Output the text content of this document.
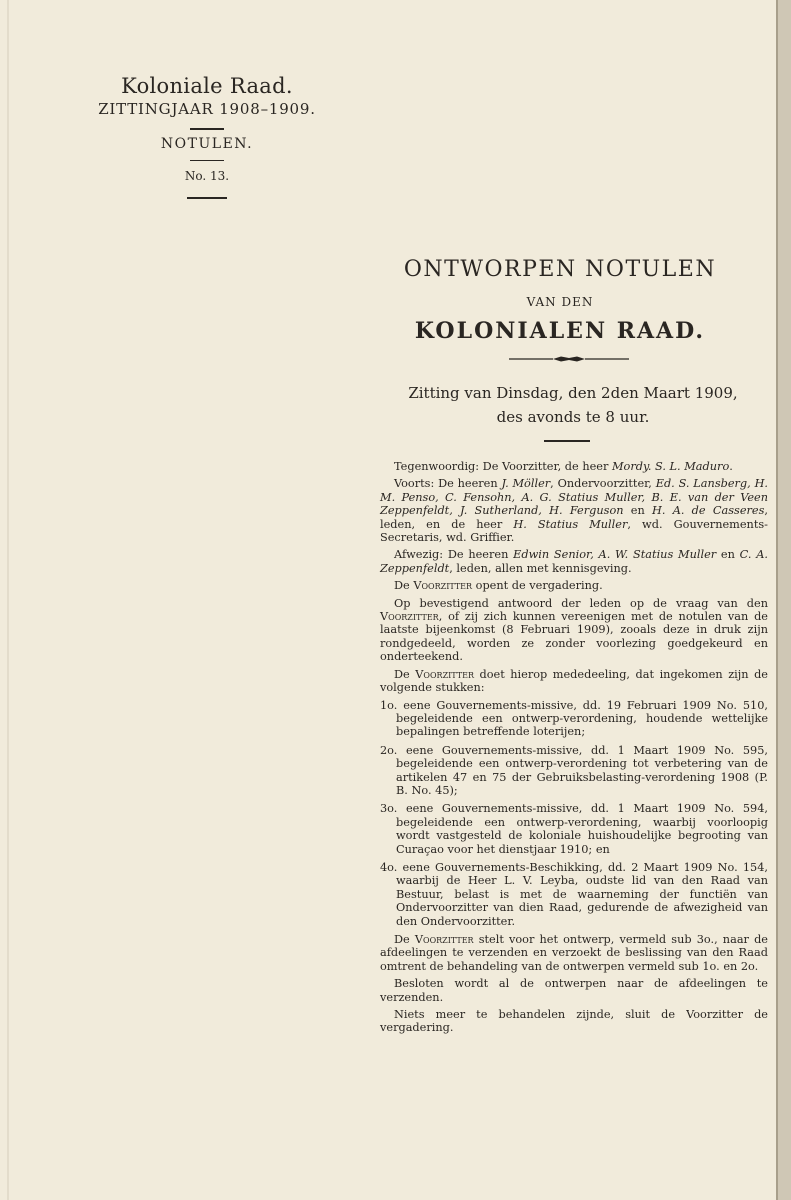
Koloniale Raad.
ZITTINGJAAR 1908–1909.
NOTULEN.
No. 13.
ONTWORPEN NOTULEN
VAN DEN
KOLONIALEN RAAD.
Zitting van Dinsdag, den 2den Maart 1909,
des avonds te 8 uur.

Tegenwoordig: De Voorzitter, de heer Mordy. S. L. Maduro.

Voorts: De heeren J. Möller, Ondervoorzitter, Ed. S. Lansberg, H. M. Penso, C. Fensohn, A. G. Statius Muller, B. E. van der Veen Zeppenfeldt, J. Sutherland, H. Ferguson en H. A. de Casseres, leden, en de heer H. Statius Muller, wd. Gouvernements-Secretaris, wd. Griffier.

Afwezig: De heeren Edwin Senior, A. W. Statius Muller en C. A. Zeppenfeldt, leden, allen met kennisgeving.

De Voorzitter opent de vergadering.

Op bevestigend antwoord der leden op de vraag van den Voorzitter, of zij zich kunnen vereenigen met de notulen van de laatste bijeenkomst (8 Februari 1909), zooals deze in druk zijn rondgedeeld, worden ze zonder voorlezing goedgekeurd en onderteekend.

De Voorzitter doet hierop mededeeling, dat ingekomen zijn de volgende stukken:

1o. eene Gouvernements-missive, dd. 19 Februari 1909 No. 510, begeleidende een ontwerp-verordening, houdende wettelijke bepalingen betreffende loterijen;

2o. eene Gouvernements-missive, dd. 1 Maart 1909 No. 595, begeleidende een ontwerp-verordening tot verbetering van de artikelen 47 en 75 der Gebruiksbelasting-verordening 1908 (P. B. No. 45);

3o. eene Gouvernements-missive, dd. 1 Maart 1909 No. 594, begeleidende een ontwerp-verordening, waarbij voorloopig wordt vastgesteld de koloniale huishoudelijke begrooting van Curaçao voor het dienstjaar 1910; en

4o. eene Gouvernements-Beschikking, dd. 2 Maart 1909 No. 154, waarbij de Heer L. V. Leyba, oudste lid van den Raad van Bestuur, belast is met de waarneming der functiën van Ondervoorzitter van dien Raad, gedurende de afwezigheid van den Ondervoorzitter.

De Voorzitter stelt voor het ontwerp, vermeld sub 3o., naar de afdeelingen te verzenden en verzoekt de beslissing van den Raad omtrent de behandeling van de ontwerpen vermeld sub 1o. en 2o.

Besloten wordt al de ontwerpen naar de afdeelingen te verzenden.

Niets meer te behandelen zijnde, sluit de Voorzitter de vergadering.
